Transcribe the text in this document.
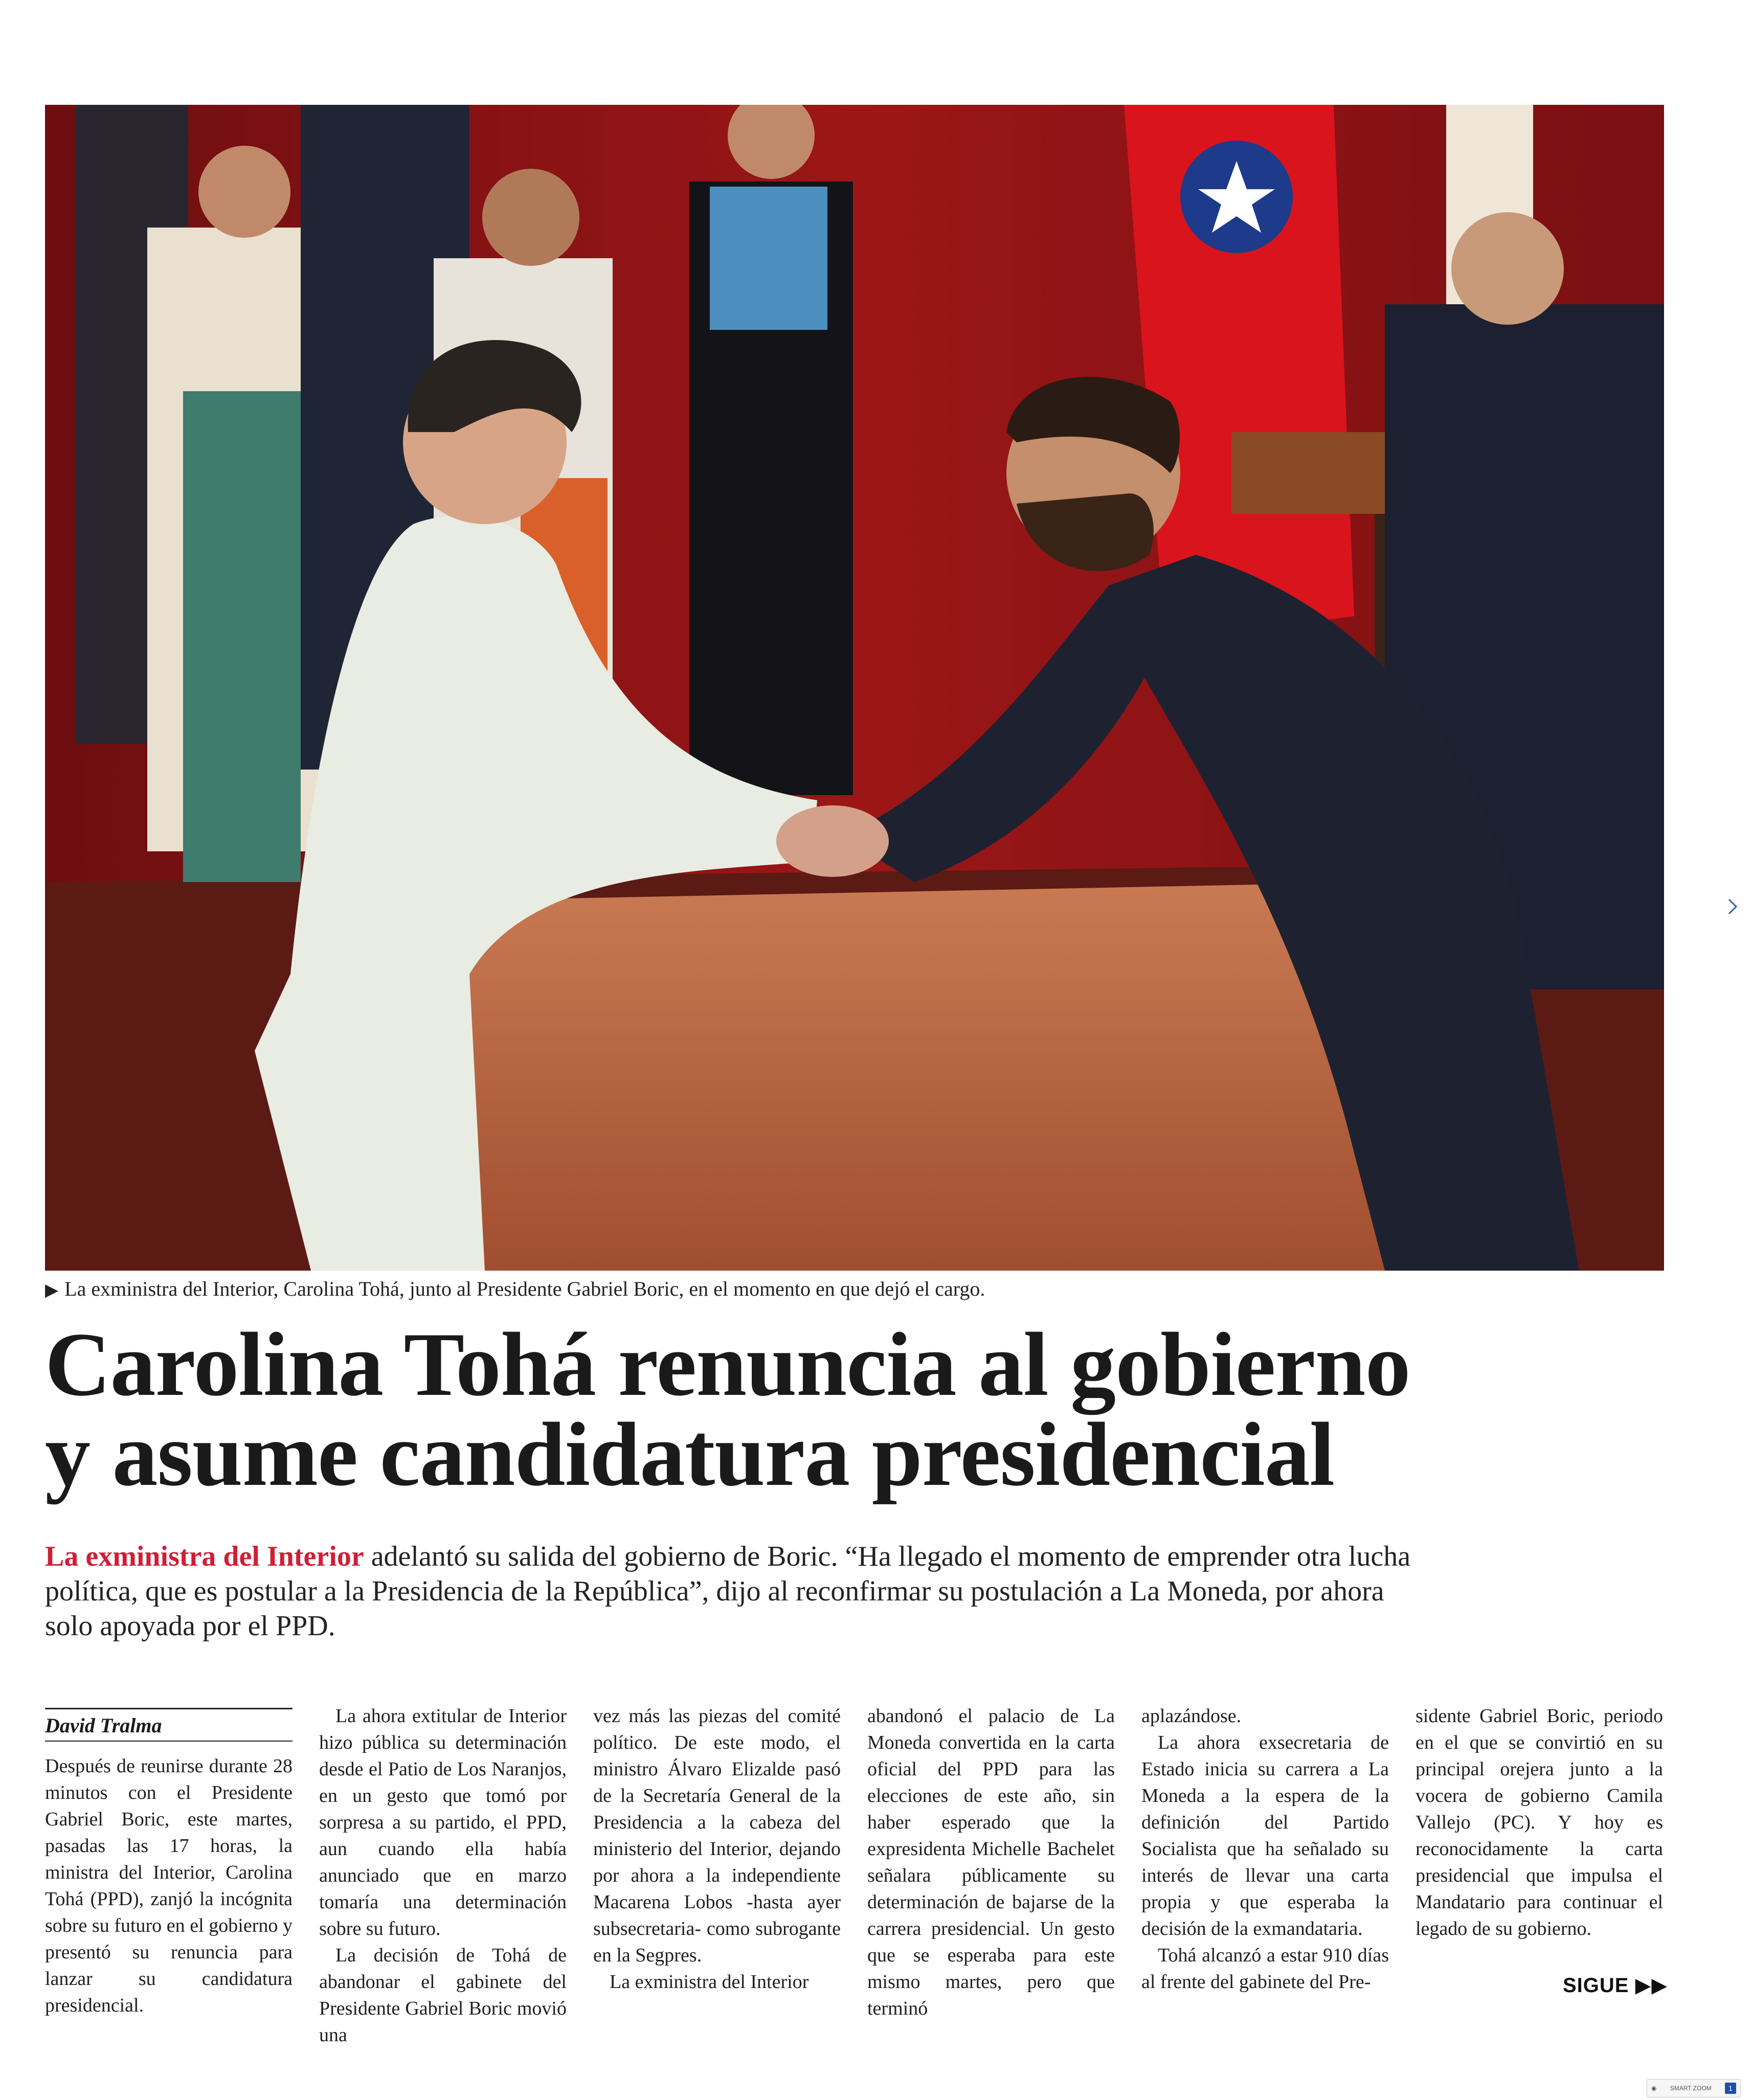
▶ La exministra del Interior, Carolina Tohá, junto al Presidente Gabriel Boric, en el momento en que dejó el cargo.
Carolina Tohá renuncia al gobierno
y asume candidatura presidencial
La exministra del Interior adelantó su salida del gobierno de Boric. “Ha llegado el momento de emprender otra lucha política, que es postular a la Presidencia de la República”, dijo al reconfirmar su postulación a La Moneda, por ahora solo apoyada por el PPD.
David Tralma

Después de reunirse durante 28 minutos con el Presidente Gabriel Boric, este martes, pasadas las 17 horas, la ministra del Interior, Carolina Tohá (PPD), zanjó la incógnita sobre su futuro en el gobierno y presentó su renuncia para lanzar su candidatura presidencial.

La ahora extitular de Interior hizo pública su determinación desde el Patio de Los Naranjos, en un gesto que tomó por sorpresa a su partido, el PPD, aun cuando ella había anunciado que en marzo tomaría una determinación sobre su futuro.

La decisión de Tohá de abandonar el gabinete del Presidente Gabriel Boric movió una

vez más las piezas del comité político. De este modo, el ministro Álvaro Elizalde pasó de la Secretaría General de la Presidencia a la cabeza del ministerio del Interior, dejando por ahora a la independiente Macarena Lobos -hasta ayer subsecretaria- como subrogante en la Segpres.

La exministra del Interior

abandonó el palacio de La Moneda convertida en la carta oficial del PPD para las elecciones de este año, sin haber esperado que la expresidenta Michelle Bachelet señalara públicamente su determinación de bajarse de la carrera presidencial. Un gesto que se esperaba para este mismo martes, pero que terminó

aplazándose.

La ahora exsecretaria de Estado inicia su carrera a La Moneda a la espera de la definición del Partido Socialista que ha señalado su interés de llevar una carta propia y que esperaba la decisión de la exmandataria.

Tohá alcanzó a estar 910 días al frente del gabinete del Pre-

sidente Gabriel Boric, periodo en el que se convirtió en su principal orejera junto a la vocera de gobierno Camila Vallejo (PC). Y hoy es reconocidamente la carta presidencial que impulsa el Mandatario para continuar el legado de su gobierno.

SIGUE ▶▶
◉ SMART ZOOM	1
